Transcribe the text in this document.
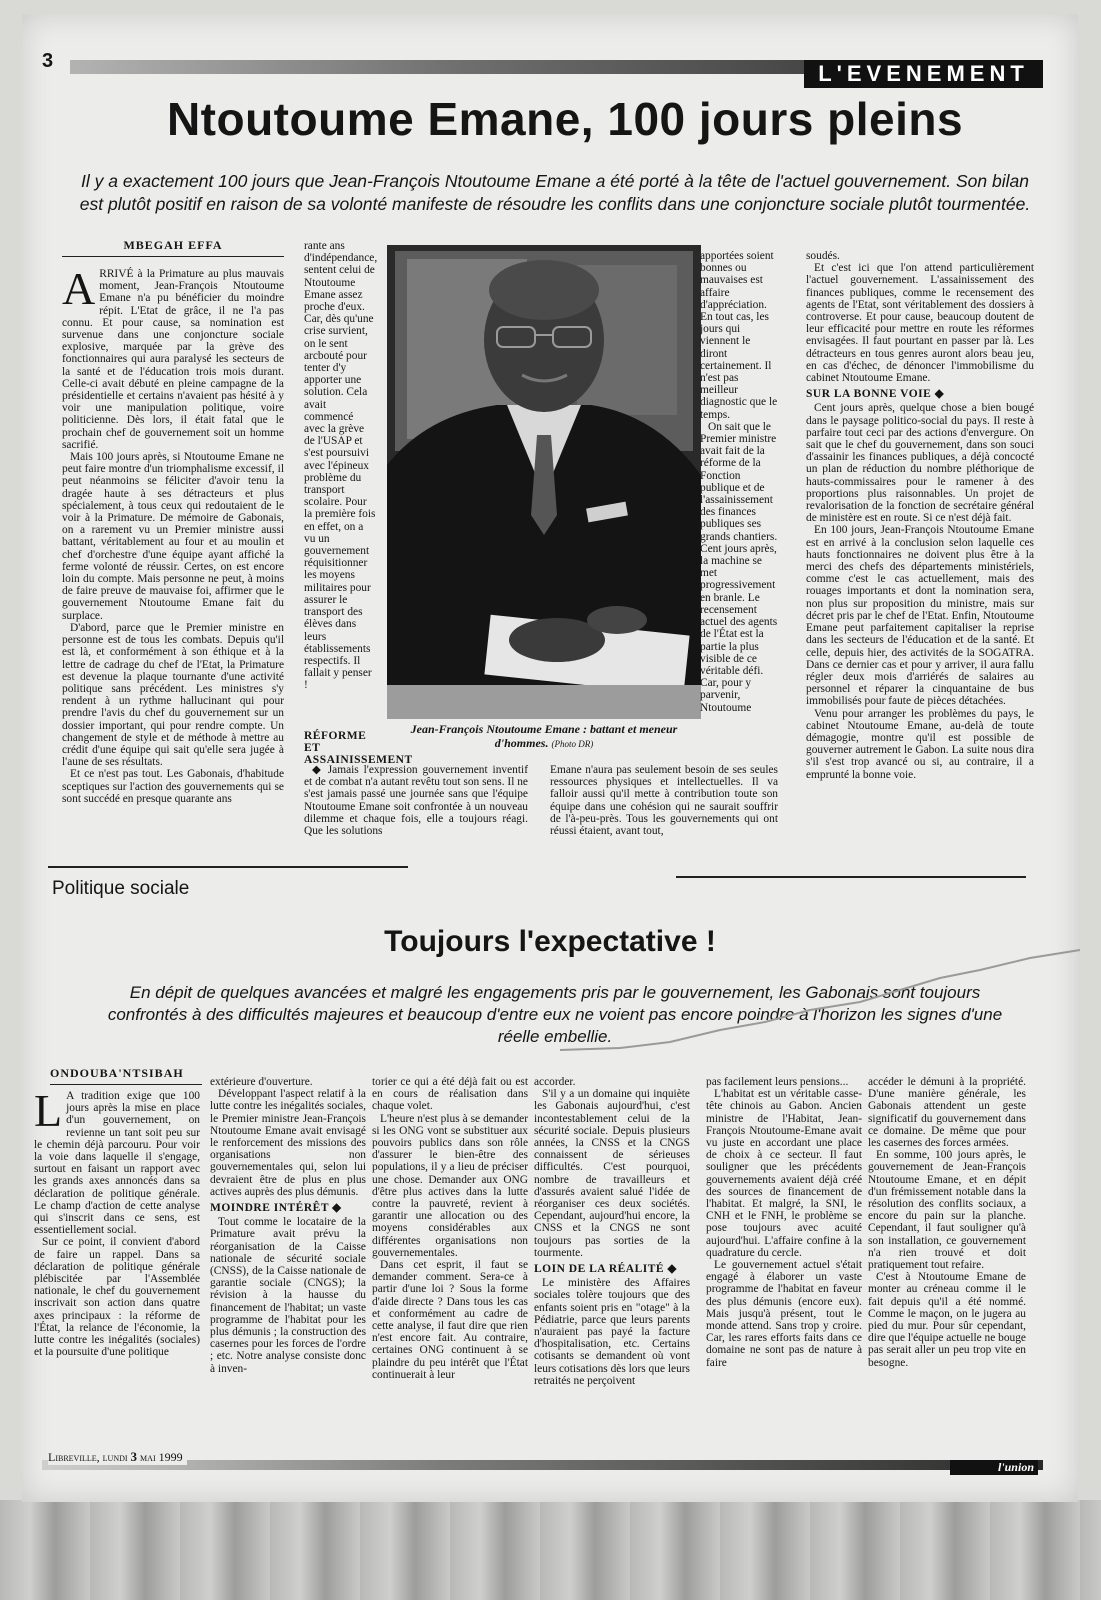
3	L'EVENEMENT
Ntoutoume Emane, 100 jours pleins
Il y a exactement 100 jours que Jean-François Ntoutoume Emane a été porté à la tête de l'actuel gouvernement. Son bilan est plutôt positif en raison de sa volonté manifeste de résoudre les conflits dans une conjoncture sociale plutôt tourmentée.
MBEGAH EFFA

ARRIVÉ à la Primature au plus mauvais moment, Jean-François Ntoutoume Emane n'a pu bénéficier du moindre répit. L'Etat de grâce, il ne l'a pas connu. Et pour cause, sa nomination est survenue dans une conjoncture sociale explosive, marquée par la grève des fonctionnaires qui aura paralysé les secteurs de la santé et de l'éducation trois mois durant. Celle-ci avait débuté en pleine campagne de la présidentielle et certains n'avaient pas hésité à y voir une manipulation politique, voire politicienne. Dès lors, il était fatal que le prochain chef de gouvernement soit un homme sacrifié.

Mais 100 jours après, si Ntoutoume Emane ne peut faire montre d'un triomphalisme excessif, il peut néanmoins se féliciter d'avoir tenu la dragée haute à ses détracteurs et plus spécialement, à tous ceux qui redoutaient de le voir à la Primature. De mémoire de Gabonais, on a rarement vu un Premier ministre aussi battant, véritablement au four et au moulin et chef d'orchestre d'une équipe ayant affiché la ferme volonté de réussir. Certes, on est encore loin du compte. Mais personne ne peut, à moins de faire preuve de mauvaise foi, affirmer que le gouvernement Ntoutoume Emane fait du surplace.

D'abord, parce que le Premier ministre en personne est de tous les combats. Depuis qu'il est là, et conformément à son éthique et à la lettre de cadrage du chef de l'Etat, la Primature est devenue la plaque tournante d'une activité politique sans précédent. Les ministres s'y rendent à un rythme hallucinant qui pour prendre l'avis du chef du gouvernement sur un dossier important, qui pour rendre compte. Un changement de style et de méthode à mettre au crédit d'une équipe qui sait qu'elle sera jugée à l'aune de ses résultats.

Et ce n'est pas tout. Les Gabonais, d'habitude sceptiques sur l'action des gouvernements qui se sont succédé en presque quarante ans

rante ans d'indépendance, sentent celui de Ntoutoume Emane assez proche d'eux. Car, dès qu'une crise survient, on le sent arcbouté pour tenter d'y apporter une solution. Cela avait commencé avec la grève de l'USAP et s'est poursuivi avec l'épineux problème du transport scolaire. Pour la première fois en effet, on a vu un gouvernement réquisitionner les moyens militaires pour assurer le transport des élèves dans leurs établissements respectifs. Il fallait y penser !

RÉFORME ET ASSAINISSEMENT

◆ Jamais l'expression gouvernement inventif et de combat n'a autant revêtu tout son sens. Il ne s'est jamais passé une journée sans que l'équipe Ntoutoume Emane soit confrontée à un nouveau dilemme et chaque fois, elle a toujours réagi. Que les solutions

Jean-François Ntoutoume Emane : battant et meneur d'hommes. (Photo DR)

apportées soient bonnes ou mauvaises est affaire d'appréciation. En tout cas, les jours qui viennent le diront certainement. Il n'est pas meilleur diagnostic que le temps.

On sait que le Premier ministre avait fait de la réforme de la Fonction publique et de l'assainissement des finances publiques ses grands chantiers. Cent jours après, la machine se met progressivement en branle. Le recensement actuel des agents de l'État est la partie la plus visible de ce véritable défi. Car, pour y parvenir, Ntoutoume

Emane n'aura pas seulement besoin de ses seules ressources physiques et intellectuelles. Il va falloir aussi qu'il mette à contribution toute son équipe dans une cohésion qui ne saurait souffrir de l'à-peu-près. Tous les gouvernements qui ont réussi étaient, avant tout,

soudés.

Et c'est ici que l'on attend particulièrement l'actuel gouvernement. L'assainissement des finances publiques, comme le recensement des agents de l'Etat, sont véritablement des dossiers à controverse. Et pour cause, beaucoup doutent de leur efficacité pour mettre en route les réformes envisagées. Il faut pourtant en passer par là. Les détracteurs en tous genres auront alors beau jeu, en cas d'échec, de dénoncer l'immobilisme du cabinet Ntoutoume Emane.

SUR LA BONNE VOIE ◆

Cent jours après, quelque chose a bien bougé dans le paysage politico-social du pays. Il reste à parfaire tout ceci par des actions d'envergure. On sait que le chef du gouvernement, dans son souci d'assainir les finances publiques, a déjà concocté un plan de réduction du nombre pléthorique de hauts-commissaires pour le ramener à des proportions plus raisonnables. Un projet de revalorisation de la fonction de secrétaire général de ministère est en route. Si ce n'est déjà fait.

En 100 jours, Jean-François Ntoutoume Emane est en arrivé à la conclusion selon laquelle ces hauts fonctionnaires ne doivent plus être à la merci des chefs des départements ministériels, comme c'est le cas actuellement, mais des rouages importants et dont la nomination sera, non plus sur proposition du ministre, mais sur décret pris par le chef de l'Etat. Enfin, Ntoutoume Emane peut parfaitement capitaliser la reprise dans les secteurs de l'éducation et de la santé. Et celle, depuis hier, des activités de la SOGATRA. Dans ce dernier cas et pour y arriver, il aura fallu régler deux mois d'arriérés de salaires au personnel et réparer la cinquantaine de bus immobilisés pour faute de pièces détachées.

Venu pour arranger les problèmes du pays, le cabinet Ntoutoume Emane, au-delà de toute démagogie, montre qu'il est possible de gouverner autrement le Gabon. La suite nous dira s'il s'est trop avancé ou si, au contraire, il a emprunté la bonne voie.

Politique sociale
Toujours l'expectative !
En dépit de quelques avancées et malgré les engagements pris par le gouvernement, les Gabonais sont toujours confrontés à des difficultés majeures et beaucoup d'entre eux ne voient pas encore poindre à l'horizon les signes d'une réelle embellie.
ONDOUBA'NTSIBAH

L A tradition exige que 100 jours après la mise en place d'un gouvernement, on revienne un tant soit peu sur le chemin déjà parcouru. Pour voir la voie dans laquelle il s'engage, surtout en faisant un rapport avec les grands axes annoncés dans sa déclaration de politique générale. Le champ d'action de cette analyse qui s'inscrit dans ce sens, est essentiellement social.

Sur ce point, il convient d'abord de faire un rappel. Dans sa déclaration de politique générale plébiscitée par l'Assemblée nationale, le chef du gouvernement inscrivait son action dans quatre axes principaux : la réforme de l'État, la relance de l'économie, la lutte contre les inégalités (sociales) et la poursuite d'une politique

extérieure d'ouverture.

Développant l'aspect relatif à la lutte contre les inégalités sociales, le Premier ministre Jean-François Ntoutoume Emane avait envisagé le renforcement des missions des organisations non gouvernementales qui, selon lui devraient être de plus en plus actives auprès des plus démunis.

MOINDRE INTÉRÊT ◆

Tout comme le locataire de la Primature avait prévu la réorganisation de la Caisse nationale de sécurité sociale (CNSS), de la Caisse nationale de garantie sociale (CNGS); la révision à la hausse du financement de l'habitat; un vaste programme de l'habitat pour les plus démunis ; la construction des casernes pour les forces de l'ordre ; etc. Notre analyse consiste donc à inven-

torier ce qui a été déjà fait ou est en cours de réalisation dans chaque volet.

L'heure n'est plus à se demander si les ONG vont se substituer aux pouvoirs publics dans son rôle d'assurer le bien-être des populations, il y a lieu de préciser une chose. Demander aux ONG d'être plus actives dans la lutte contre la pauvreté, revient à garantir une allocation ou des moyens considérables aux différentes organisations non gouvernementales.

Dans cet esprit, il faut se demander comment. Sera-ce à partir d'une loi ? Sous la forme d'aide directe ? Dans tous les cas et conformément au cadre de cette analyse, il faut dire que rien n'est encore fait. Au contraire, certaines ONG continuent à se plaindre du peu intérêt que l'État continuerait à leur

accorder.

S'il y a un domaine qui inquiète les Gabonais aujourd'hui, c'est incontestablement celui de la sécurité sociale. Depuis plusieurs années, la CNSS et la CNGS connaissent de sérieuses difficultés. C'est pourquoi, nombre de travailleurs et d'assurés avaient salué l'idée de réorganiser ces deux sociétés. Cependant, aujourd'hui encore, la CNSS et la CNGS ne sont toujours pas sorties de la tourmente.

LOIN DE LA RÉALITÉ ◆

Le ministère des Affaires sociales tolère toujours que des enfants soient pris en "otage" à la Pédiatrie, parce que leurs parents n'auraient pas payé la facture d'hospitalisation, etc. Certains cotisants se demandent où vont leurs cotisations dès lors que leurs retraités ne perçoivent

pas facilement leurs pensions...

L'habitat est un véritable casse-tête chinois au Gabon. Ancien ministre de l'Habitat, Jean-François Ntoutoume-Emane avait vu juste en accordant une place de choix à ce secteur. Il faut souligner que les précédents gouvernements avaient déjà créé des sources de financement de l'habitat. Et malgré, la SNI, le CNH et le FNH, le problème se pose toujours avec acuité aujourd'hui. L'affaire confine à la quadrature du cercle.

Le gouvernement actuel s'était engagé à élaborer un vaste programme de l'habitat en faveur des plus démunis (encore eux). Mais jusqu'à présent, tout le monde attend. Sans trop y croire. Car, les rares efforts faits dans ce domaine ne sont pas de nature à faire

accéder le démuni à la propriété. D'une manière générale, les Gabonais attendent un geste significatif du gouvernement dans ce domaine. De même que pour les casernes des forces armées.

En somme, 100 jours après, le gouvernement de Jean-François Ntoutoume Emane, et en dépit d'un frémissement notable dans la résolution des conflits sociaux, a encore du pain sur la planche. Cependant, il faut souligner qu'à son installation, ce gouvernement n'a rien trouvé et doit pratiquement tout refaire.

C'est à Ntoutoume Emane de monter au créneau comme il le fait depuis qu'il a été nommé. Comme le maçon, on le jugera au pied du mur. Pour sûr cependant, dire que l'équipe actuelle ne bouge pas serait aller un peu trop vite en besogne.

Libreville, lundi 3 mai 1999
l'union
